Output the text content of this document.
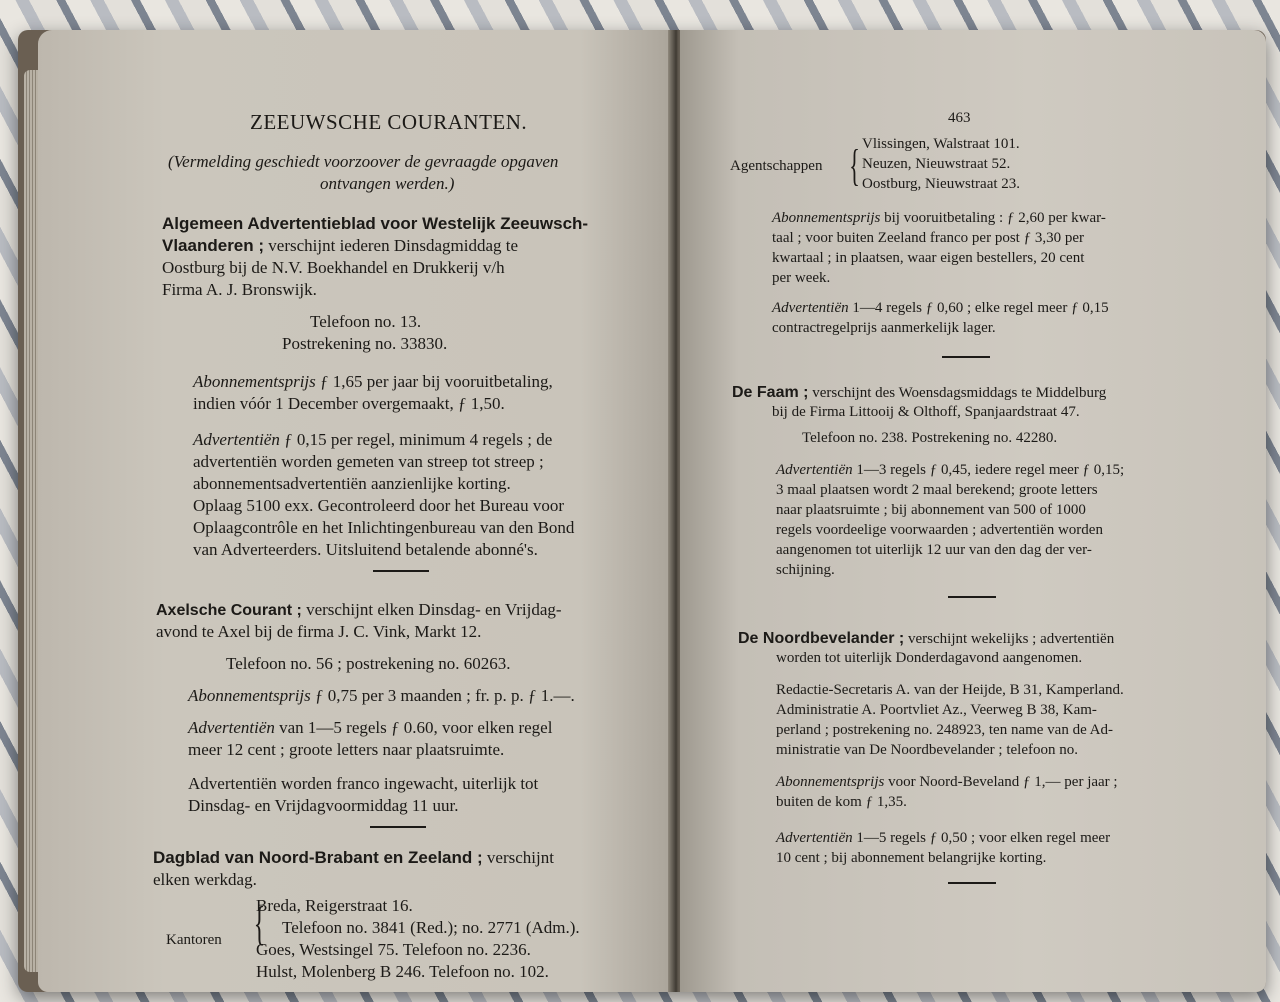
ZEEUWSCHE COURANTEN.
(Vermelding geschiedt voorzoover de gevraagde opgaven
ontvangen werden.)
Algemeen Advertentieblad voor Westelijk Zeeuwsch-
Vlaanderen ; verschijnt iederen Dinsdagmiddag te
Oostburg bij de N.V. Boekhandel en Drukkerij v/h
Firma A. J. Bronswijk.
Telefoon no. 13.
Postrekening no. 33830.
Abonnementsprijs ƒ 1,65 per jaar bij vooruitbetaling,
indien vóór 1 December overgemaakt, ƒ 1,50.
Advertentiën ƒ 0,15 per regel, minimum 4 regels ; de
advertentiën worden gemeten van streep tot streep ;
abonnementsadvertentiën aanzienlijke korting.
Oplaag 5100 exx. Gecontroleerd door het Bureau voor
Oplaagcontrôle en het Inlichtingenbureau van den Bond
van Adverteerders. Uitsluitend betalende abonné's.
Axelsche Courant ; verschijnt elken Dinsdag- en Vrijdag-
avond te Axel bij de firma J. C. Vink, Markt 12.
Telefoon no. 56 ; postrekening no. 60263.
Abonnementsprijs ƒ 0,75 per 3 maanden ; fr. p. p. ƒ 1.—.
Advertentiën van 1—5 regels ƒ 0.60, voor elken regel
meer 12 cent ; groote letters naar plaatsruimte.
Advertentiën worden franco ingewacht, uiterlijk tot
Dinsdag- en Vrijdagvoormiddag 11 uur.
Dagblad van Noord-Brabant en Zeeland ; verschijnt
elken werkdag.
Kantoren {
Breda, Reigerstraat 16.
Telefoon no. 3841 (Red.); no. 2771 (Adm.).
Goes, Westsingel 75. Telefoon no. 2236.
Hulst, Molenberg B 246. Telefoon no. 102.
463
Agentschappen { Vlissingen, Walstraat 101.
Neuzen, Nieuwstraat 52.
Oostburg, Nieuwstraat 23.
Abonnementsprijs bij vooruitbetaling : ƒ 2,60 per kwar-
taal ; voor buiten Zeeland franco per post ƒ 3,30 per
kwartaal ; in plaatsen, waar eigen bestellers, 20 cent
per week.
Advertentiën 1—4 regels ƒ 0,60 ; elke regel meer ƒ 0,15
contractregelprijs aanmerkelijk lager.
De Faam ; verschijnt des Woensdagsmiddags te Middelburg
bij de Firma Littooij & Olthoff, Spanjaardstraat 47.
Telefoon no. 238. Postrekening no. 42280.
Advertentiën 1—3 regels ƒ 0,45, iedere regel meer ƒ 0,15;
3 maal plaatsen wordt 2 maal berekend; groote letters
naar plaatsruimte ; bij abonnement van 500 of 1000
regels voordeelige voorwaarden ; advertentiën worden
aangenomen tot uiterlijk 12 uur van den dag der ver-
schijning.
De Noordbevelander ; verschijnt wekelijks ; advertentiën
worden tot uiterlijk Donderdagavond aangenomen.
Redactie-Secretaris A. van der Heijde, B 31, Kamperland.
Administratie A. Poortvliet Az., Veerweg B 38, Kam-
perland ; postrekening no. 248923, ten name van de Ad-
ministratie van De Noordbevelander ; telefoon no.
Abonnementsprijs voor Noord-Beveland ƒ 1,— per jaar ;
buiten de kom ƒ 1,35.
Advertentiën 1—5 regels ƒ 0,50 ; voor elken regel meer
10 cent ; bij abonnement belangrijke korting.
